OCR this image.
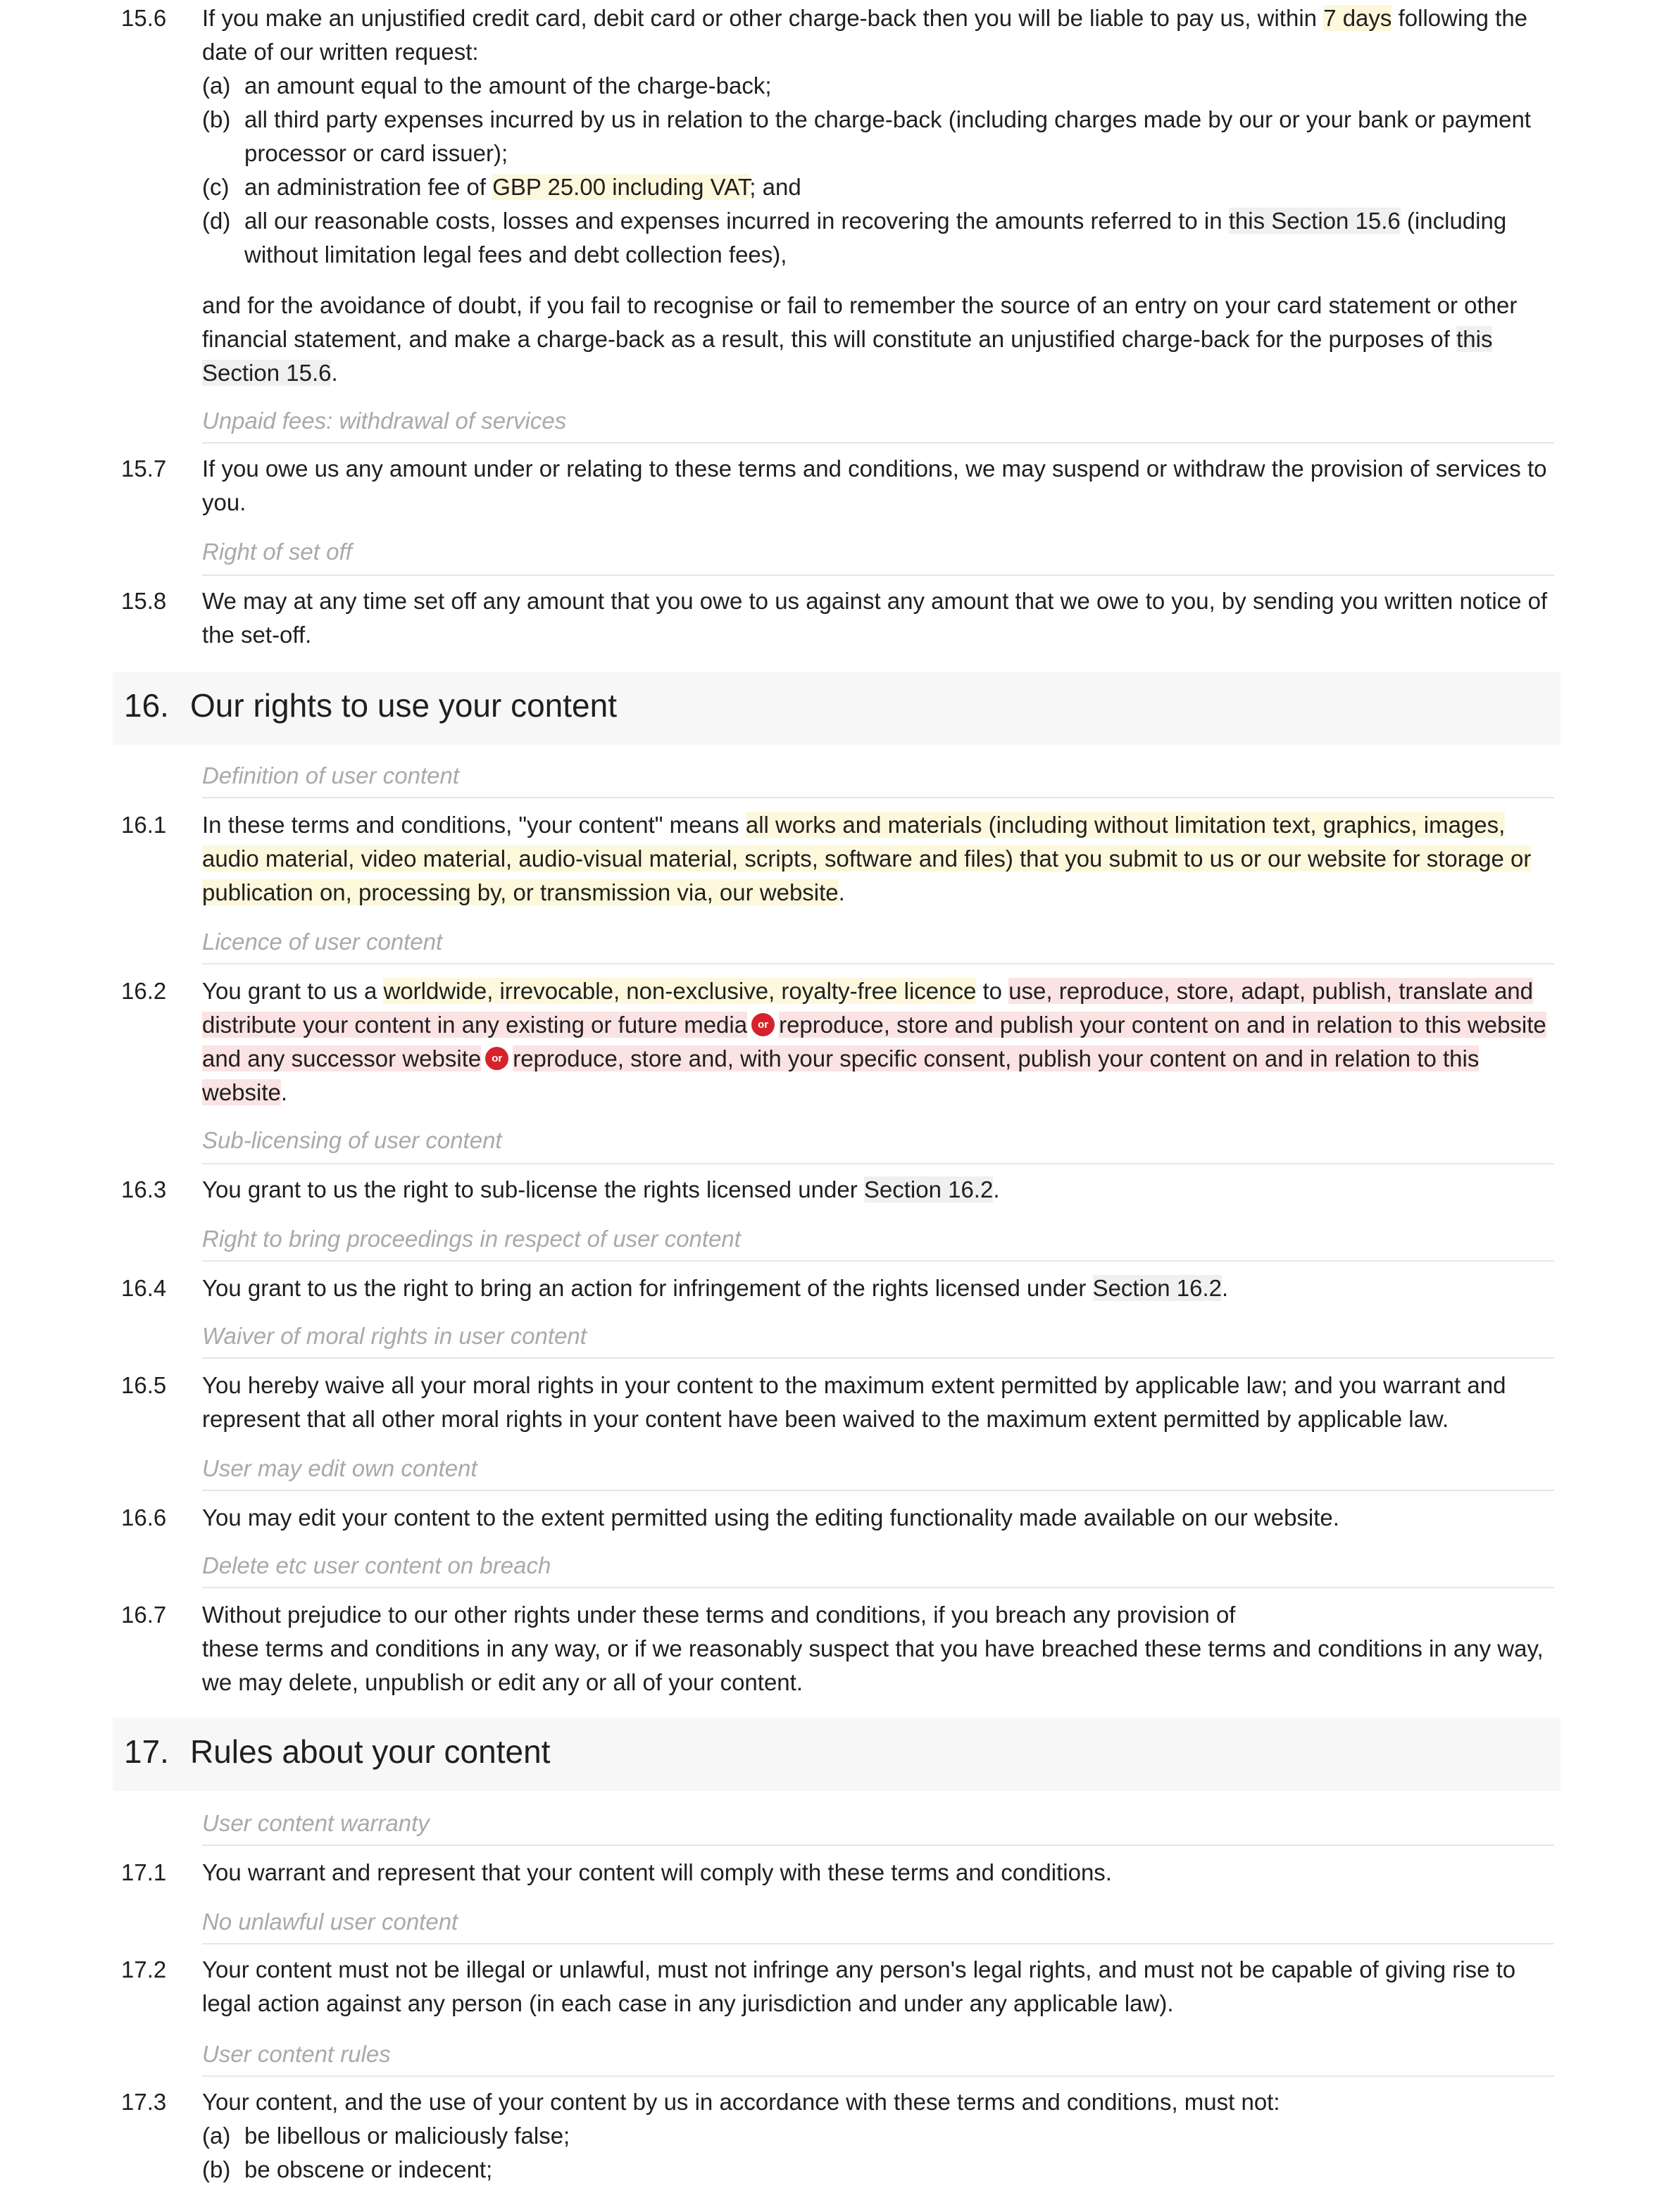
15.6 If you make an unjustified credit card, debit card or other charge-back then you will be liable to pay us, within 7 days following the date of our written request:

(a) an amount equal to the amount of the charge-back;
(b) all third party expenses incurred by us in relation to the charge-back (including charges made by our or your bank or payment processor or card issuer);
(c) an administration fee of GBP 25.00 including VAT; and
(d) all our reasonable costs, losses and expenses incurred in recovering the amounts referred to in this Section 15.6 (including without limitation legal fees and debt collection fees),

and for the avoidance of doubt, if you fail to recognise or fail to remember the source of an entry on your card statement or other financial statement, and make a charge-back as a result, this will constitute an unjustified charge-back for the purposes of this Section 15.6.

Unpaid fees: withdrawal of services
15.7 If you owe us any amount under or relating to these terms and conditions, we may suspend or withdraw the provision of services to you.

Right of set off
15.8 We may at any time set off any amount that you owe to us against any amount that we owe to you, by sending you written notice of the set-off.

16. Our rights to use your content
Definition of user content
16.1 In these terms and conditions, "your content" means all works and materials (including without limitation text, graphics, images, audio material, video material, audio-visual material, scripts, software and files) that you submit to us or our website for storage or publication on, processing by, or transmission via, our website.

Licence of user content
16.2 You grant to us a worldwide, irrevocable, non-exclusive, royalty-free licence to use, reproduce, store, adapt, publish, translate and distribute your content in any existing or future media or reproduce, store and publish your content on and in relation to this website and any successor website or reproduce, store and, with your specific consent, publish your content on and in relation to this website.

Sub-licensing of user content
16.3 You grant to us the right to sub-license the rights licensed under Section 16.2.

Right to bring proceedings in respect of user content
16.4 You grant to us the right to bring an action for infringement of the rights licensed under Section 16.2.

Waiver of moral rights in user content
16.5 You hereby waive all your moral rights in your content to the maximum extent permitted by applicable law; and you warrant and represent that all other moral rights in your content have been waived to the maximum extent permitted by applicable law.

User may edit own content
16.6 You may edit your content to the extent permitted using the editing functionality made available on our website.

Delete etc user content on breach
16.7 Without prejudice to our other rights under these terms and conditions, if you breach any provision of

these terms and conditions in any way, or if we reasonably suspect that you have breached these terms and conditions in any way, we may delete, unpublish or edit any or all of your content.

17. Rules about your content
User content warranty
17.1 You warrant and represent that your content will comply with these terms and conditions.

No unlawful user content
17.2 Your content must not be illegal or unlawful, must not infringe any person's legal rights, and must not be capable of giving rise to legal action against any person (in each case in any jurisdiction and under any applicable law).

User content rules
17.3 Your content, and the use of your content by us in accordance with these terms and conditions, must not:

(a) be libellous or maliciously false;
(b) be obscene or indecent;
